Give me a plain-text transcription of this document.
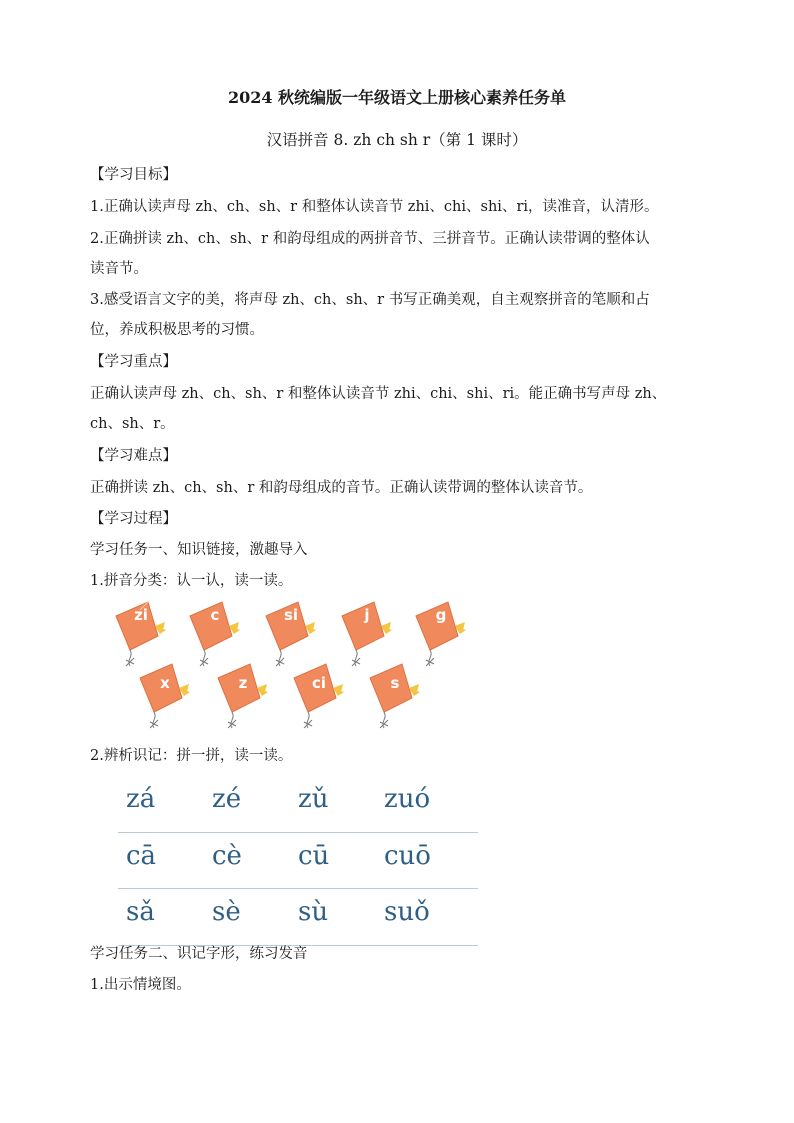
2024 秋统编版一年级语文上册核心素养任务单
汉语拼音 8. zh ch sh r（第 1 课时）
【学习目标】
1.正确认读声母 zh、ch、sh、r 和整体认读音节 zhi、chi、shi、ri，读准音，认清形。
2.正确拼读 zh、ch、sh、r 和韵母组成的两拼音节、三拼音节。正确认读带调的整体认
读音节。
3.感受语言文字的美，将声母 zh、ch、sh、r 书写正确美观，自主观察拼音的笔顺和占
位，养成积极思考的习惯。
【学习重点】
正确认读声母 zh、ch、sh、r 和整体认读音节 zhi、chi、shi、ri。能正确书写声母 zh、
ch、sh、r。
【学习难点】
正确拼读 zh、ch、sh、r 和韵母组成的音节。正确认读带调的整体认读音节。
【学习过程】
学习任务一、知识链接，激趣导入
1.拼音分类：认一认，读一读。
zi	c	si	j	g
x	z	ci	s
2.辨析识记：拼一拼，读一读。
zá	zé	zǔ	zuó
cā	cè	cū	cuō
sǎ	sè	sù	suǒ
学习任务二、识记字形，练习发音
1.出示情境图。
